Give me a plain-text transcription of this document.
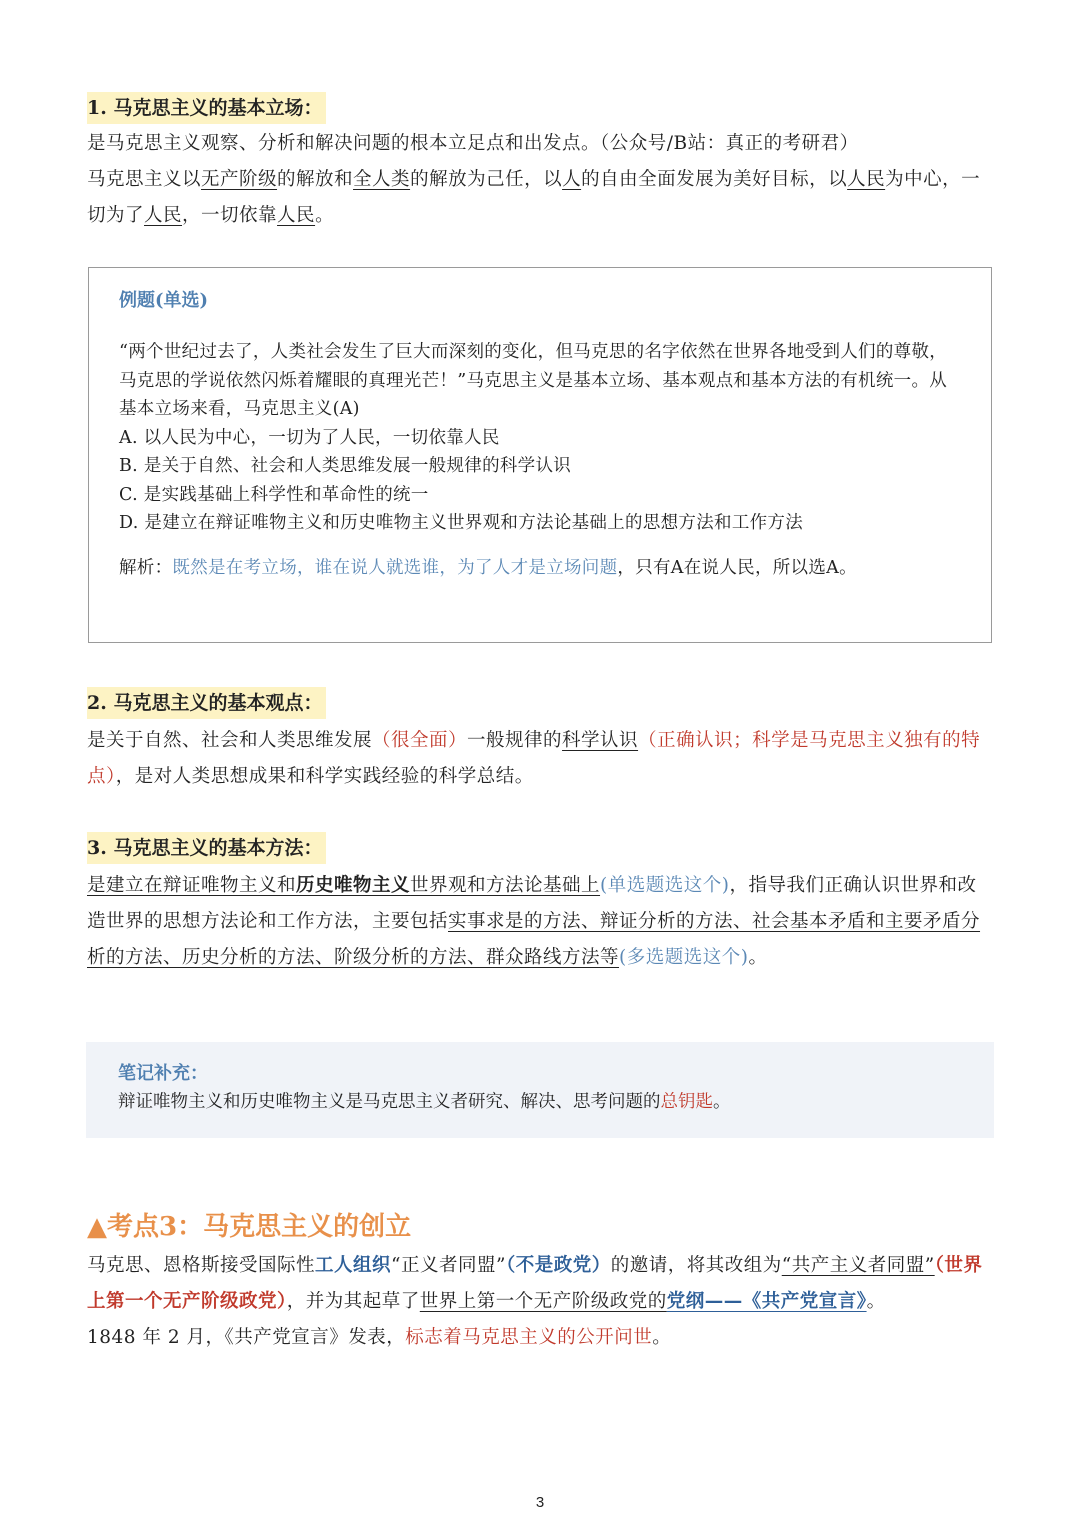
1. 马克思主义的基本立场：
是马克思主义观察、分析和解决问题的根本立足点和出发点。（公众号/B站：真正的考研君）
马克思主义以无产阶级的解放和全人类的解放为己任，以人的自由全面发展为美好目标，以人民为中心，一切为了人民，一切依靠人民。
例题(单选)
“两个世纪过去了，人类社会发生了巨大而深刻的变化，但马克思的名字依然在世界各地受到人们的尊敬，马克思的学说依然闪烁着耀眼的真理光芒！”马克思主义是基本立场、基本观点和基本方法的有机统一。从基本立场来看，马克思主义(A)
A. 以人民为中心，一切为了人民，一切依靠人民
B. 是关于自然、社会和人类思维发展一般规律的科学认识
C. 是实践基础上科学性和革命性的统一
D. 是建立在辩证唯物主义和历史唯物主义世界观和方法论基础上的思想方法和工作方法
解析：既然是在考立场，谁在说人就选谁，为了人才是立场问题，只有A在说人民，所以选A。
2. 马克思主义的基本观点：
是关于自然、社会和人类思维发展（很全面）一般规律的科学认识（正确认识；科学是马克思主义独有的特点），是对人类思想成果和科学实践经验的科学总结。
3. 马克思主义的基本方法：
是建立在辩证唯物主义和历史唯物主义世界观和方法论基础上(单选题选这个)，指导我们正确认识世界和改造世界的思想方法论和工作方法，主要包括实事求是的方法、辩证分析的方法、社会基本矛盾和主要矛盾分析的方法、历史分析的方法、阶级分析的方法、群众路线方法等(多选题选这个)。
笔记补充：
辩证唯物主义和历史唯物主义是马克思主义者研究、解决、思考问题的总钥匙。
▲考点3：马克思主义的创立
马克思、恩格斯接受国际性工人组织“正义者同盟”（不是政党）的邀请，将其改组为“共产主义者同盟”（世界上第一个无产阶级政党），并为其起草了世界上第一个无产阶级政党的党纲——《共产党宣言》。
1848 年 2 月，《共产党宣言》发表，标志着马克思主义的公开问世。
3
